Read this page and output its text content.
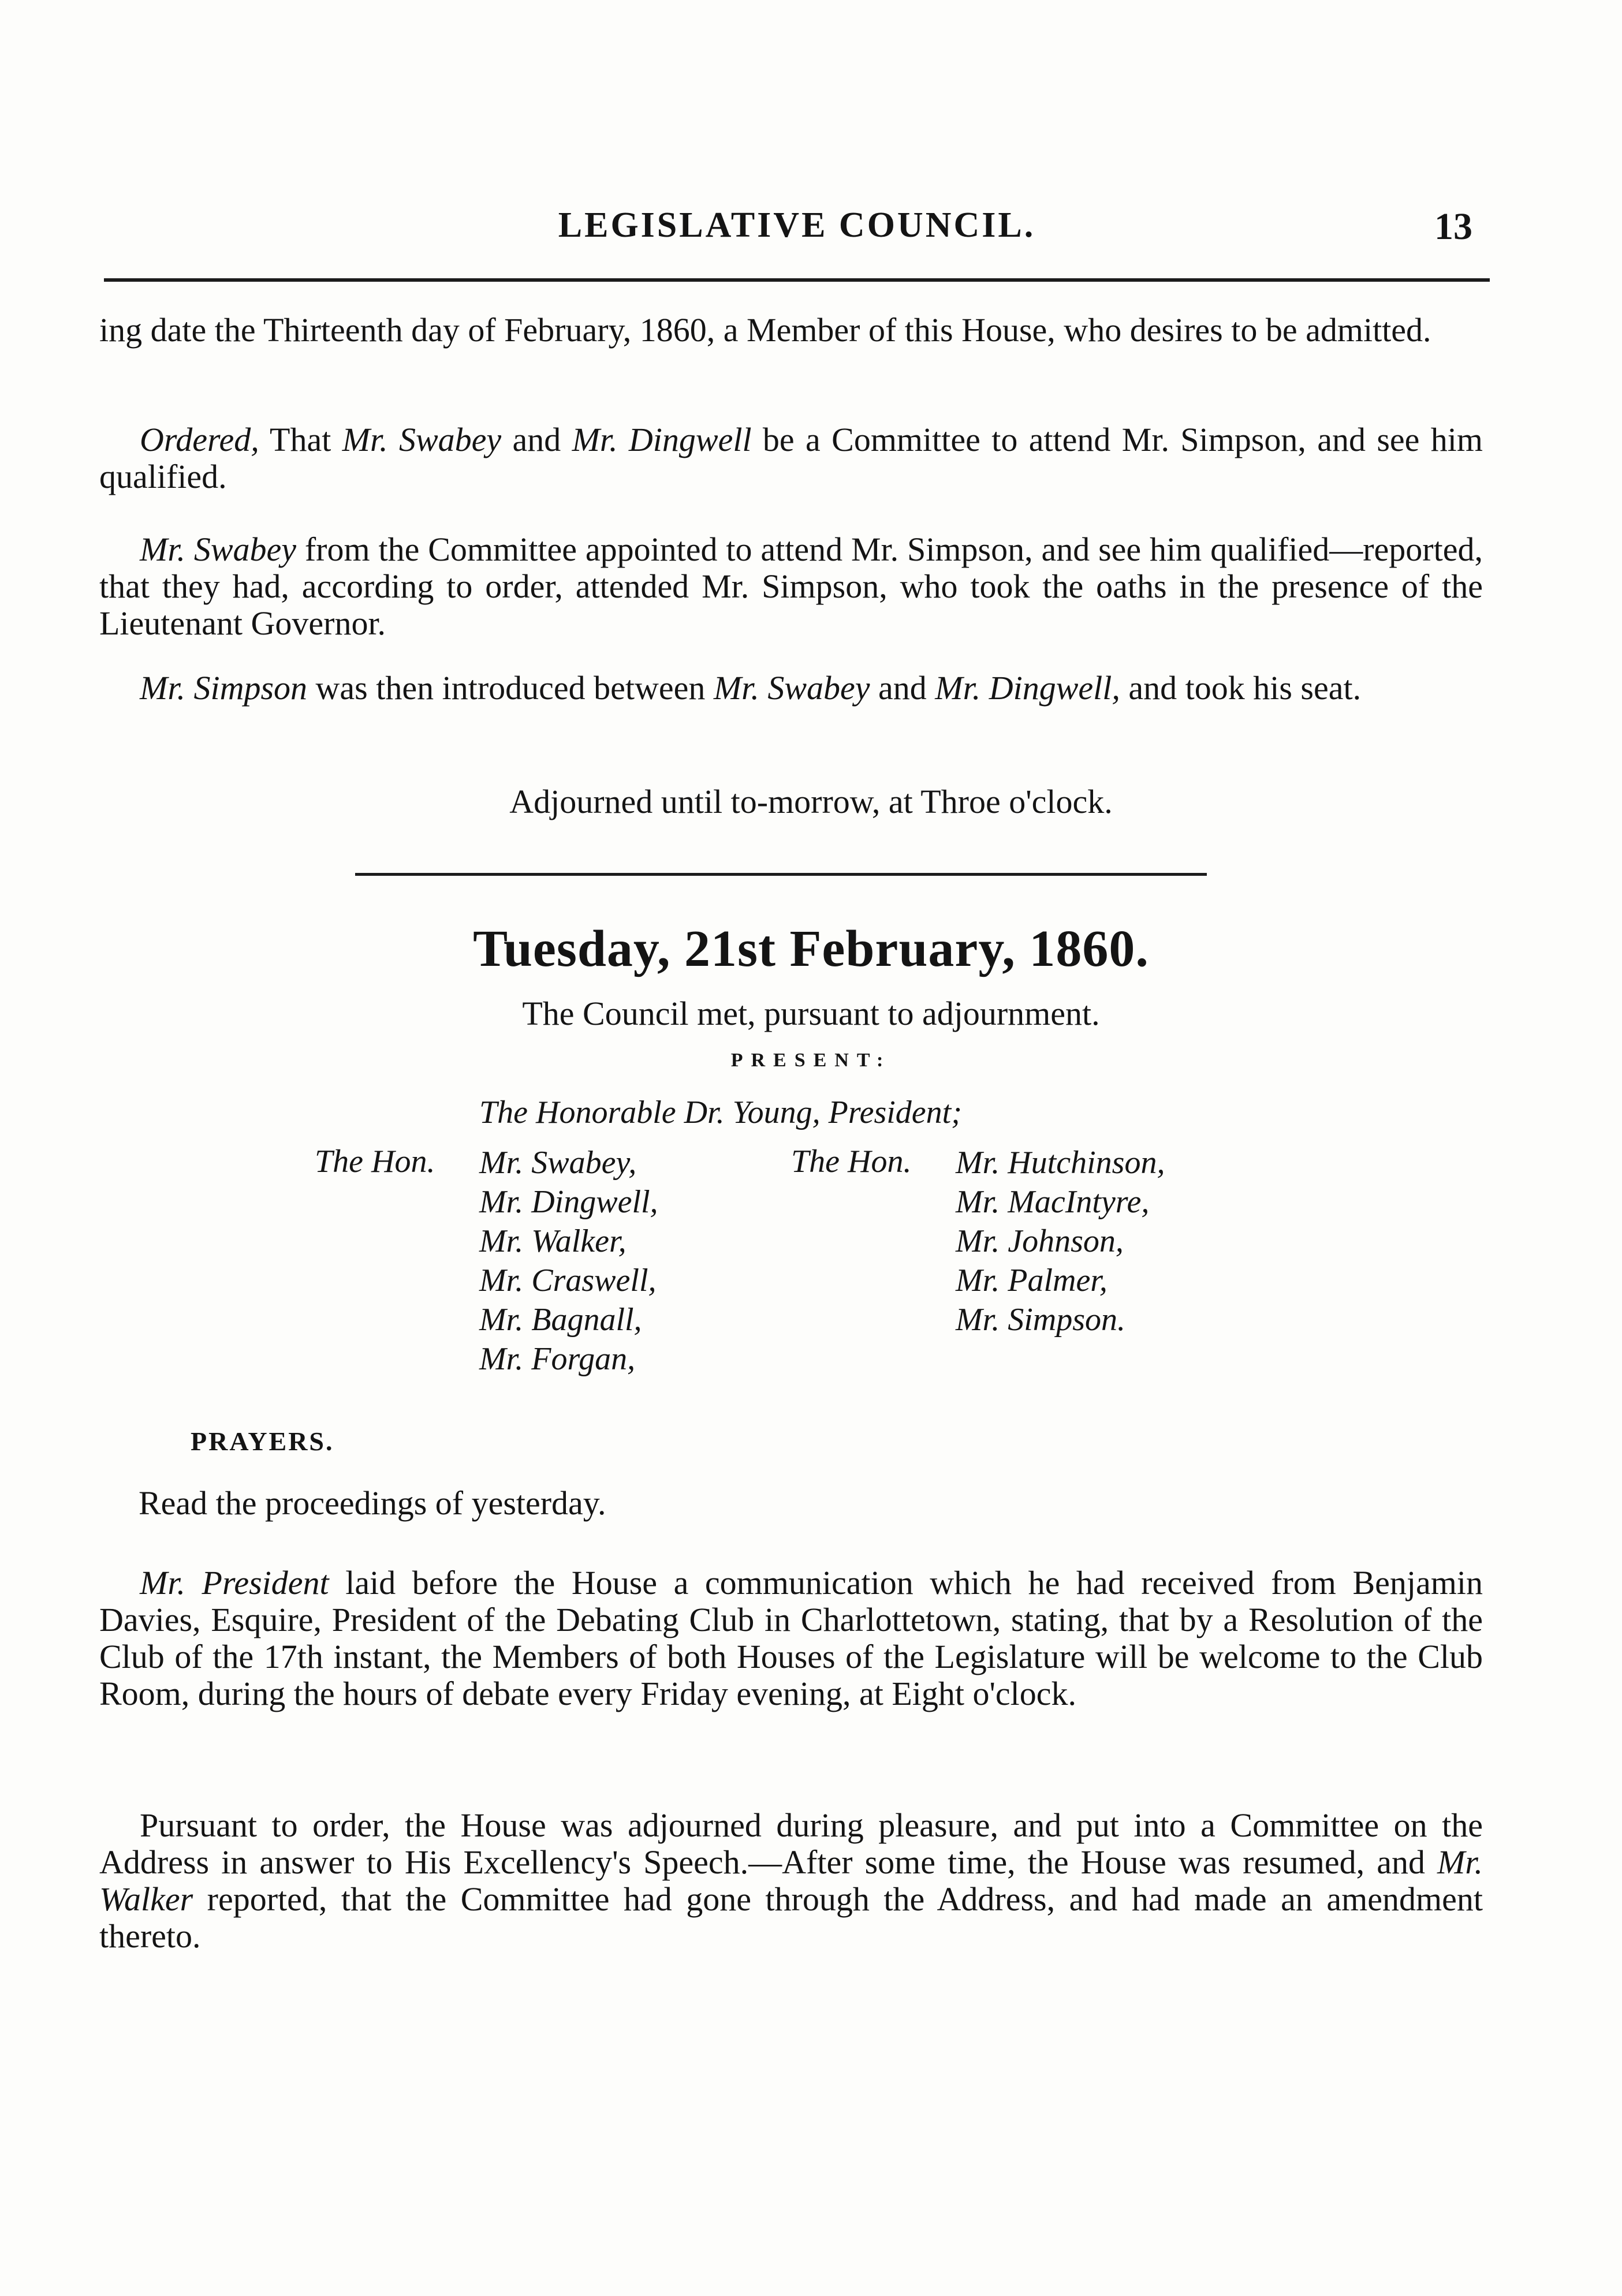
LEGISLATIVE COUNCIL.	13

ing date the Thirteenth day of February, 1860, a Member of this House, who desires to be admitted.

Ordered, That Mr. Swabey and Mr. Dingwell be a Committee to attend Mr. Simpson, and see him qualified.

Mr. Swabey from the Committee appointed to attend Mr. Simpson, and see him qualified—reported, that they had, according to order, attended Mr. Simpson, who took the oaths in the presence of the Lieutenant Governor.

Mr. Simpson was then introduced between Mr. Swabey and Mr. Dingwell, and took his seat.

Adjourned until to-morrow, at Throe o'clock.
Tuesday, 21st February, 1860.
The Council met, pursuant to adjournment.
PRESENT:
The Honorable Dr. Young, President;
The Hon. Mr. Swabey,
Mr. Dingwell,
Mr. Walker,
Mr. Craswell,
Mr. Bagnall,
Mr. Forgan,
The Hon. Mr. Hutchinson,
Mr. MacIntyre,
Mr. Johnson,
Mr. Palmer,
Mr. Simpson.
PRAYERS.
Read the proceedings of yesterday.

Mr. President laid before the House a communication which he had received from Benjamin Davies, Esquire, President of the Debating Club in Charlottetown, stating, that by a Resolution of the Club of the 17th instant, the Members of both Houses of the Legislature will be welcome to the Club Room, during the hours of debate every Friday evening, at Eight o'clock.

Pursuant to order, the House was adjourned during pleasure, and put into a Committee on the Address in answer to His Excellency's Speech.—After some time, the House was resumed, and Mr. Walker reported, that the Committee had gone through the Address, and had made an amendment thereto.
